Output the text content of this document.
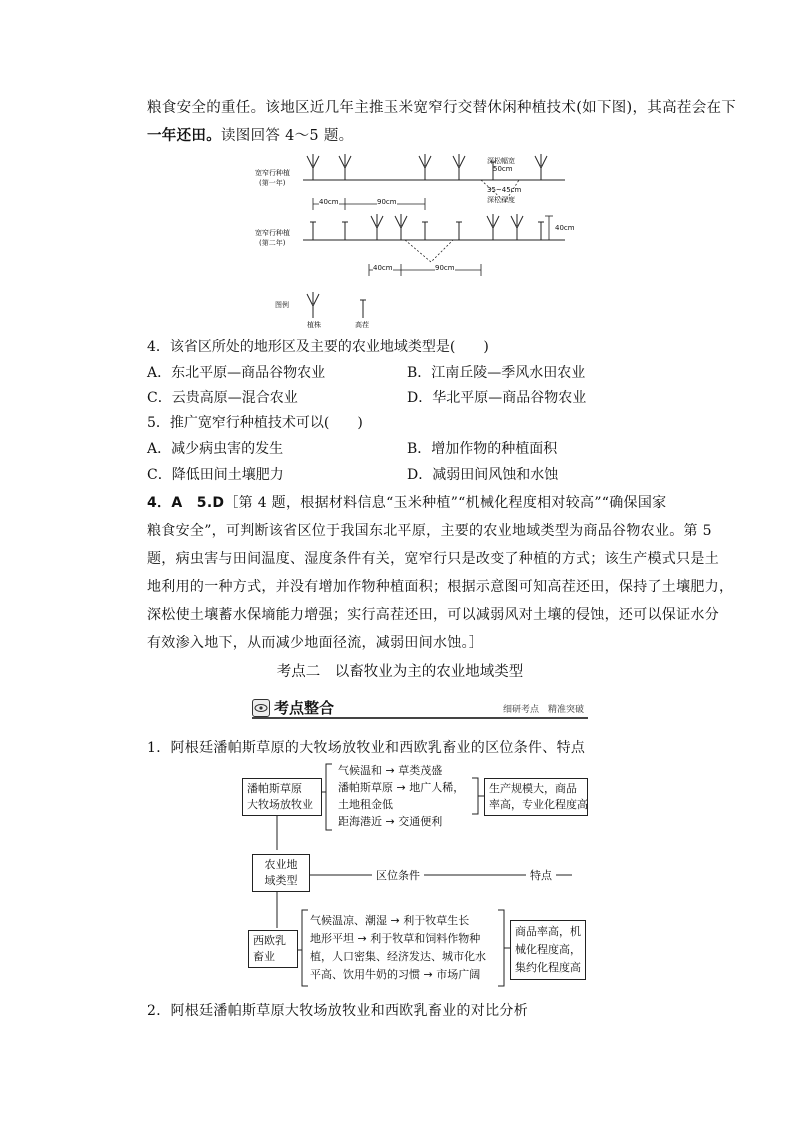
粮食安全的重任。该地区近几年主推玉米宽窄行交替休闲种植技术(如下图)，其高茬会在下
一年还田。读图回答 4～5 题。
宽窄行种植
(第一年)
宽窄行种植
(第二年)
40cm	90cm
40cm	90cm
40cm
深松幅宽
50cm
35~45cm
深松深度
图例
植株	高茬
4．该省区所处的地形区及主要的农业地域类型是(　　)
A．东北平原—商品谷物农业	B．江南丘陵—季风水田农业
C．云贵高原—混合农业	D．华北平原—商品谷物农业
5．推广宽窄行种植技术可以(　　)
A．减少病虫害的发生	B．增加作物的种植面积
C．降低田间土壤肥力	D．减弱田间风蚀和水蚀
4．A　5.D［第 4 题，根据材料信息“玉米种植”“机械化程度相对较高”“确保国家
粮食安全”，可判断该省区位于我国东北平原，主要的农业地域类型为商品谷物农业。第 5
题，病虫害与田间温度、湿度条件有关，宽窄行只是改变了种植的方式；该生产模式只是土
地利用的一种方式，并没有增加作物种植面积；根据示意图可知高茬还田，保持了土壤肥力，
深松使土壤蓄水保墒能力增强；实行高茬还田，可以减弱风对土壤的侵蚀，还可以保证水分
有效渗入地下，从而减少地面径流，减弱田间水蚀。］
考点二　以畜牧业为主的农业地域类型
考点整合	细研考点　精准突破
1．阿根廷潘帕斯草原的大牧场放牧业和西欧乳畜业的区位条件、特点
潘帕斯草原
大牧场放牧业
气候温和 → 草类茂盛
潘帕斯草原 → 地广人稀，
土地租金低
距海港近 → 交通便利
生产规模大，商品
率高，专业化程度高
农业地
域类型	区位条件	特点
西欧乳
畜业
气候温凉、潮湿 → 利于牧草生长
地形平坦 → 利于牧草和饲料作物种
植，人口密集、经济发达、城市化水
平高、饮用牛奶的习惯 → 市场广阔
商品率高，机
械化程度高，
集约化程度高
2．阿根廷潘帕斯草原大牧场放牧业和西欧乳畜业的对比分析
